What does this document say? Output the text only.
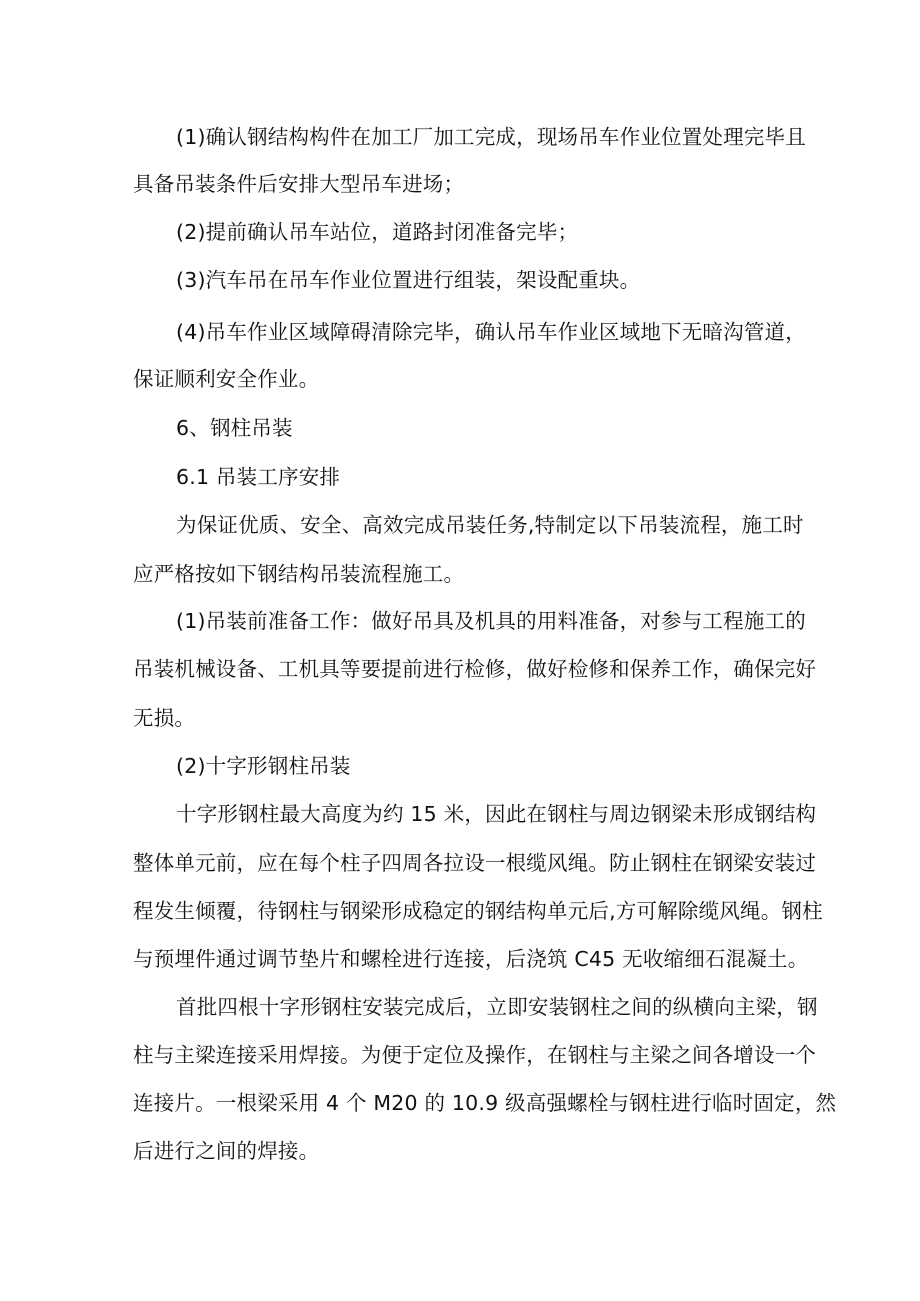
(1)确认钢结构构件在加工厂加工完成，现场吊车作业位置处理完毕且
具备吊装条件后安排大型吊车进场；
(2)提前确认吊车站位，道路封闭准备完毕；
(3)汽车吊在吊车作业位置进行组装，架设配重块。
(4)吊车作业区域障碍清除完毕，确认吊车作业区域地下无暗沟管道，
保证顺利安全作业。
6、钢柱吊装
6.1 吊装工序安排
为保证优质、安全、高效完成吊装任务,特制定以下吊装流程，施工时
应严格按如下钢结构吊装流程施工。
(1)吊装前准备工作：做好吊具及机具的用料准备，对参与工程施工的
吊装机械设备、工机具等要提前进行检修，做好检修和保养工作，确保完好
无损。
(2)十字形钢柱吊装
十字形钢柱最大高度为约 15 米，因此在钢柱与周边钢梁未形成钢结构
整体单元前，应在每个柱子四周各拉设一根缆风绳。防止钢柱在钢梁安装过
程发生倾覆，待钢柱与钢梁形成稳定的钢结构单元后,方可解除缆风绳。钢柱
与预埋件通过调节垫片和螺栓进行连接，后浇筑 C45 无收缩细石混凝土。
首批四根十字形钢柱安装完成后，立即安装钢柱之间的纵横向主梁，钢
柱与主梁连接采用焊接。为便于定位及操作，在钢柱与主梁之间各增设一个
连接片。一根梁采用 4 个 M20 的 10.9 级高强螺栓与钢柱进行临时固定，然
后进行之间的焊接。
